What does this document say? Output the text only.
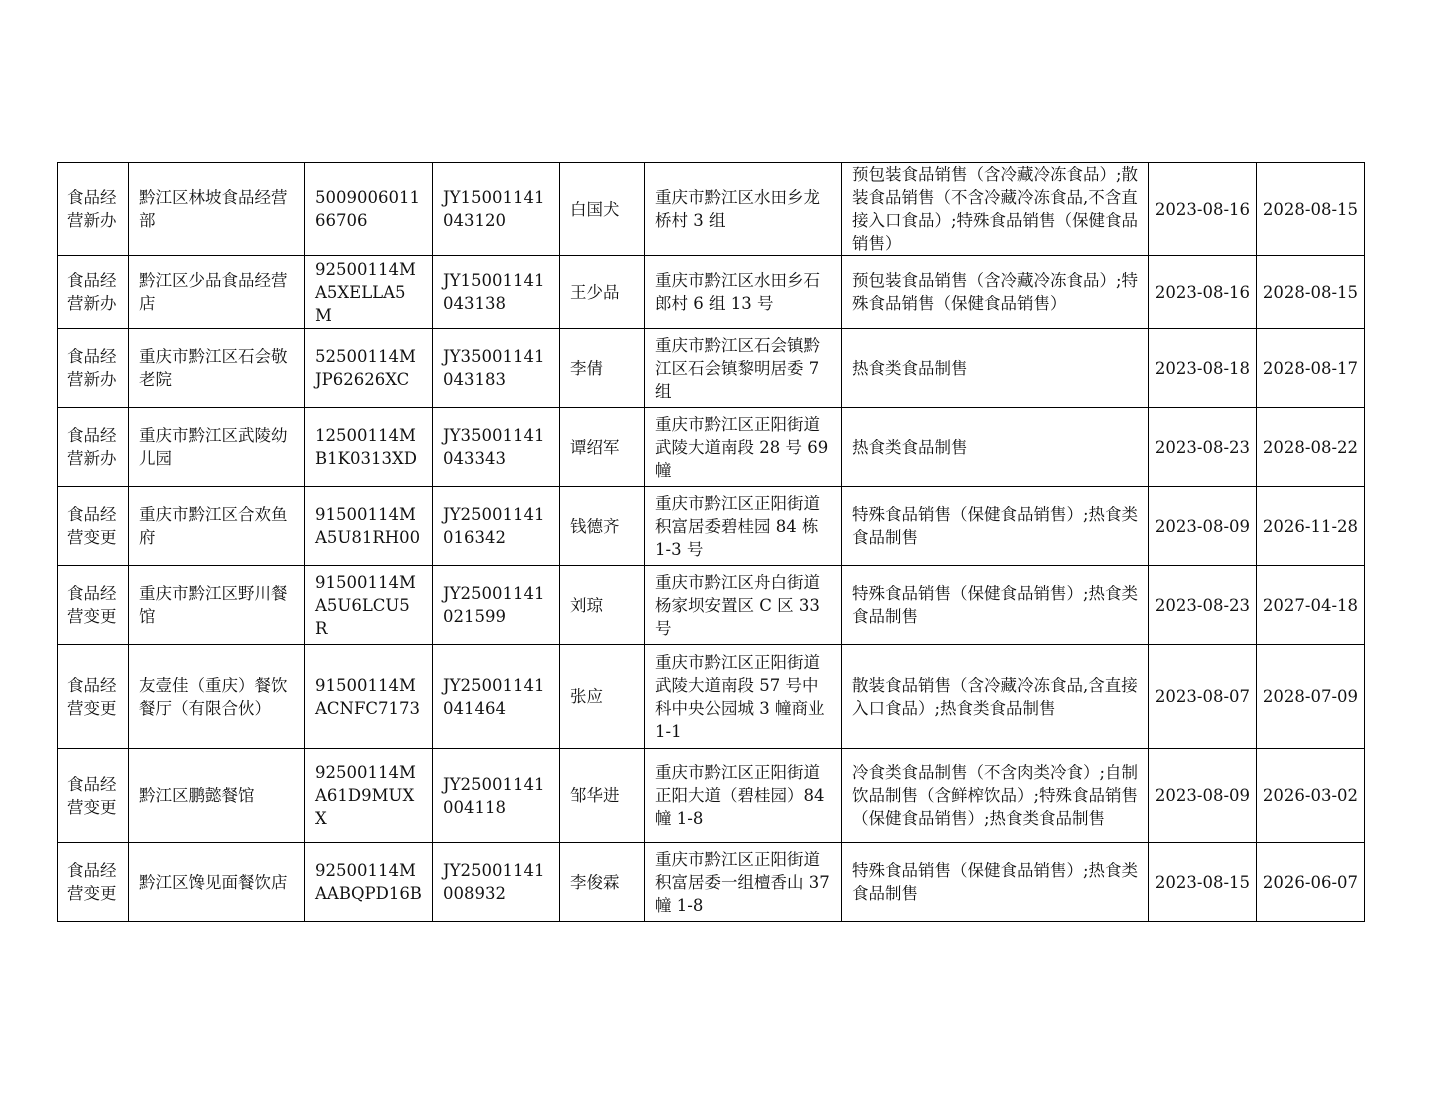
食品经营新办	黔江区林坡食品经营部	500900601166706	JY15001141043120	白国犬	重庆市黔江区水田乡龙桥村 3 组	预包装食品销售（含冷藏冷冻食品）;散装食品销售（不含冷藏冷冻食品,不含直接入口食品）;特殊食品销售（保健食品销售）	2023-08-16	2028-08-15
食品经营新办	黔江区少品食品经营店	92500114MA5XELLA5M	JY15001141043138	王少品	重庆市黔江区水田乡石郎村 6 组 13 号	预包装食品销售（含冷藏冷冻食品）;特殊食品销售（保健食品销售）	2023-08-16	2028-08-15
食品经营新办	重庆市黔江区石会敬老院	52500114MJP62626XC	JY35001141043183	李倩	重庆市黔江区石会镇黔江区石会镇黎明居委 7 组	热食类食品制售	2023-08-18	2028-08-17
食品经营新办	重庆市黔江区武陵幼儿园	12500114MB1K0313XD	JY35001141043343	谭绍军	重庆市黔江区正阳街道武陵大道南段 28 号 69 幢	热食类食品制售	2023-08-23	2028-08-22
食品经营变更	重庆市黔江区合欢鱼府	91500114MA5U81RH00	JY25001141016342	钱德齐	重庆市黔江区正阳街道积富居委碧桂园 84 栋 1-3 号	特殊食品销售（保健食品销售）;热食类食品制售	2023-08-09	2026-11-28
食品经营变更	重庆市黔江区野川餐馆	91500114MA5U6LCU5R	JY25001141021599	刘琼	重庆市黔江区舟白街道杨家坝安置区 C 区 33 号	特殊食品销售（保健食品销售）;热食类食品制售	2023-08-23	2027-04-18
食品经营变更	友壹佳（重庆）餐饮餐厅（有限合伙）	91500114MACNFC7173	JY25001141041464	张应	重庆市黔江区正阳街道武陵大道南段 57 号中科中央公园城 3 幢商业 1-1	散装食品销售（含冷藏冷冻食品,含直接入口食品）;热食类食品制售	2023-08-07	2028-07-09
食品经营变更	黔江区鹏懿餐馆	92500114MA61D9MUXX	JY25001141004118	邹华进	重庆市黔江区正阳街道正阳大道（碧桂园）84 幢 1-8	冷食类食品制售（不含肉类冷食）;自制饮品制售（含鲜榨饮品）;特殊食品销售（保健食品销售）;热食类食品制售	2023-08-09	2026-03-02
食品经营变更	黔江区馋见面餐饮店	92500114MAABQPD16B	JY25001141008932	李俊霖	重庆市黔江区正阳街道积富居委一组檀香山 37 幢 1-8	特殊食品销售（保健食品销售）;热食类食品制售	2023-08-15	2026-06-07
